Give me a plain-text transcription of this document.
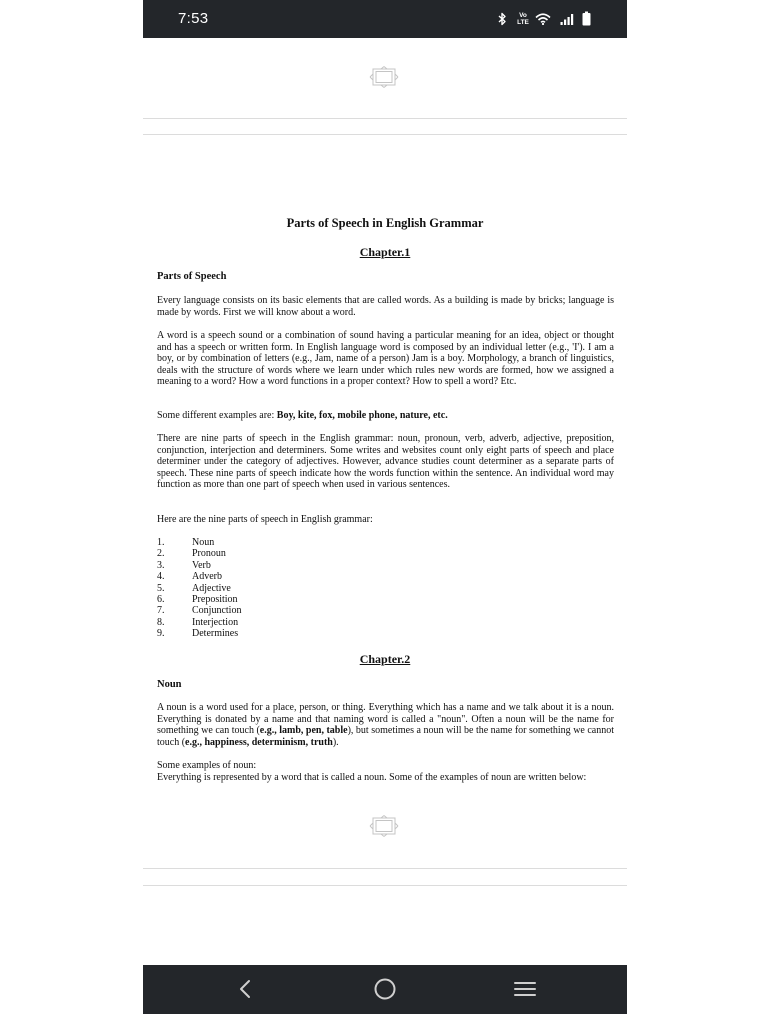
7:53	Vo
LTE

Parts of Speech in English Grammar

Chapter.1

Parts of Speech

Every language consists on its basic elements that are called words. As a building is made by bricks; language is made by words. First we will know about a word.

A word is a speech sound or a combination of sound having a particular meaning for an idea, object or thought and has a speech or written form. In English language word is composed by an individual letter (e.g., 'I'). I am a boy, or by combination of letters (e.g., Jam, name of a person) Jam is a boy. Morphology, a branch of linguistics, deals with the structure of words where we learn under which rules new words are formed, how we assigned a meaning to a word? How a word functions in a proper context? How to spell a word? Etc.

Some different examples are: Boy, kite, fox, mobile phone, nature, etc.

There are nine parts of speech in the English grammar: noun, pronoun, verb, adverb, adjective, preposition, conjunction, interjection and determiners. Some writes and websites count only eight parts of speech and place determiner under the category of adjectives. However, advance studies count determiner as a separate parts of speech. These nine parts of speech indicate how the words function within the sentence. An individual word may function as more than one part of speech when used in various sentences.

Here are the nine parts of speech in English grammar:

1.	Noun
2.	Pronoun
3.	Verb
4.	Adverb
5.	Adjective
6.	Preposition
7.	Conjunction
8.	Interjection
9.	Determines

Chapter.2

Noun

A noun is a word used for a place, person, or thing. Everything which has a name and we talk about it is a noun. Everything is donated by a name and that naming word is called a "noun". Often a noun will be the name for something we can touch (e.g., lamb, pen, table), but sometimes a noun will be the name for something we cannot touch (e.g., happiness, determinism, truth).

Some examples of noun:

Everything is represented by a word that is called a noun. Some of the examples of noun are written below:
